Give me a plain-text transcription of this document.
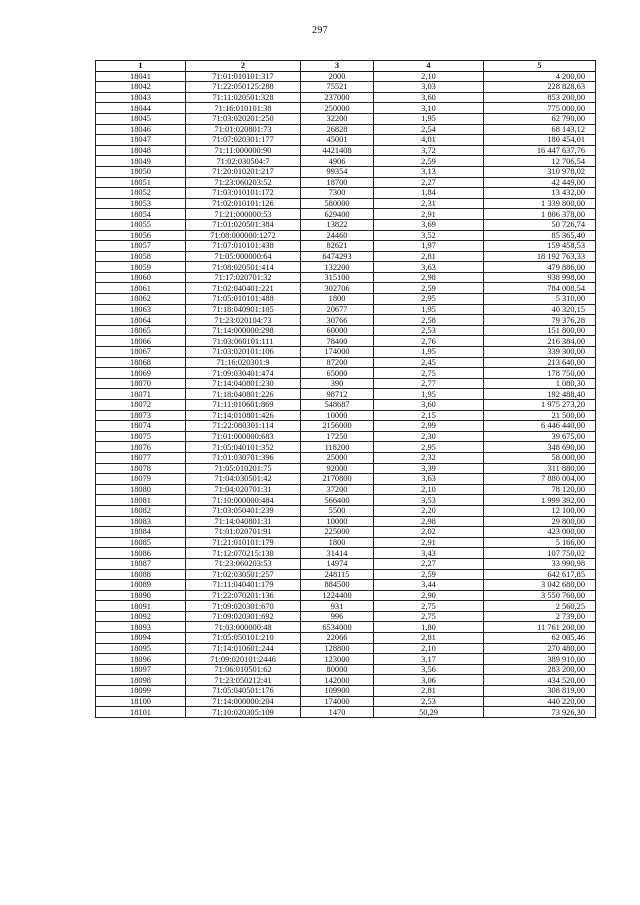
297
1	2	3	4	5
18041	71:01:010101:317	2000	2,10	4 200,00
18042	71:22:050125:288	75521	3,03	228 828,63
18043	71:11:020501:328	237000	3,60	853 200,00
18044	71:16:010101:38	250000	3,10	775 000,00
18045	71:03:020201:250	32200	1,95	62 790,00
18046	71:01:020801:73	26828	2,54	68 143,12
18047	71:07:020301:177	45001	4,01	180 454,01
18048	71:11:000000:90	4421408	3,72	16 447 637,76
18049	71:02:030504:7	4906	2,59	12 706,54
18050	71:20:010201:217	99354	3,13	310 978,02
18051	71:23:060203:52	18700	2,27	42 449,00
18052	71:03:010101:172	7300	1,84	13 432,00
18053	71:02:010101:126	580000	2,31	1 339 800,00
18054	71:21:000000:53	629400	2,91	1 806 378,00
18055	71:01:020501:384	13822	3,69	50 726,74
18056	71:08:000000:1272	24460	3,52	85 365,40
18057	71:07:010101:438	82621	1,97	159 458,53
18058	71:05:000000:64	6474293	2,81	18 192 763,33
18059	71:08:020501:414	132200	3,63	479 886,00
18060	71:17:020701:32	315100	2,98	938 998,00
18061	71:02:040401:221	302706	2,59	784 008,54
18062	71:05:010101:488	1800	2,95	5 310,00
18063	71:18:040901:105	20677	1,95	40 320,15
18064	71:23:020104:73	30766	2,58	79 376,28
18065	71:14:000000:298	60000	2,53	151 800,00
18066	71:03:060101:111	78400	2,76	216 384,00
18067	71:03:020101:106	174000	1,95	339 300,00
18068	71:16:020301:9	87200	2,45	213 640,00
18069	71:09:030401:474	65000	2,75	178 750,00
18070	71:14:040801:230	390	2,77	1 080,30
18071	71:18:040801:226	98712	1,95	192 488,40
18072	71:11:010601:869	548687	3,60	1 975 273,20
18073	71:14:010801:426	10000	2,15	21 500,00
18074	71:22:080301:114	2156000	2,99	6 446 440,00
18075	71:01:000000:683	17250	2,30	39 675,00
18076	71:05:040101:352	118200	2,95	348 690,00
18077	71:01:030701:396	25000	2,32	58 000,00
18078	71:05:010201:75	92000	3,39	311 880,00
18079	71:04:030501:42	2170800	3,63	7 880 004,00
18080	71:04:020701:31	37200	2,10	78 120,00
18081	71:10:000000:484	566400	3,53	1 999 392,00
18082	71:03:050401:239	5500	2,20	12 100,00
18083	71:14:040801:31	10000	2,98	29 800,00
18084	71:01:020701:91	225000	2,02	423 000,00
18085	71:21:010101:179	1800	2,91	5 166,00
18086	71:12:070215:130	31414	3,43	107 750,02
18087	71:23:060203:53	14974	2,27	33 990,98
18088	71:02:030501:257	248115	2,59	642 617,85
18089	71:11:040401:179	884500	3,44	3 042 680,00
18090	71:22:070201:136	1224400	2,90	3 550 760,00
18091	71:09:020301:670	931	2,75	2 560,25
18092	71:09:020301:692	996	2,75	2 739,00
18093	71:03:000000:48	6534000	1,80	11 761 200,00
18094	71:05:050101:210	22066	2,81	62 005,46
18095	71:14:010601:244	128800	2,10	270 480,00
18096	71:09:020101:2446	123000	3,17	389 910,00
18097	71:06:010501:62	80000	3,56	283 200,00
18098	71:23:050212:41	142000	3,06	434 520,00
18099	71:05:040501:176	109900	2,81	308 819,00
18100	71:14:000000:204	174000	2,53	440 220,00
18101	71:10:020305:109	1470	50,29	73 926,30
